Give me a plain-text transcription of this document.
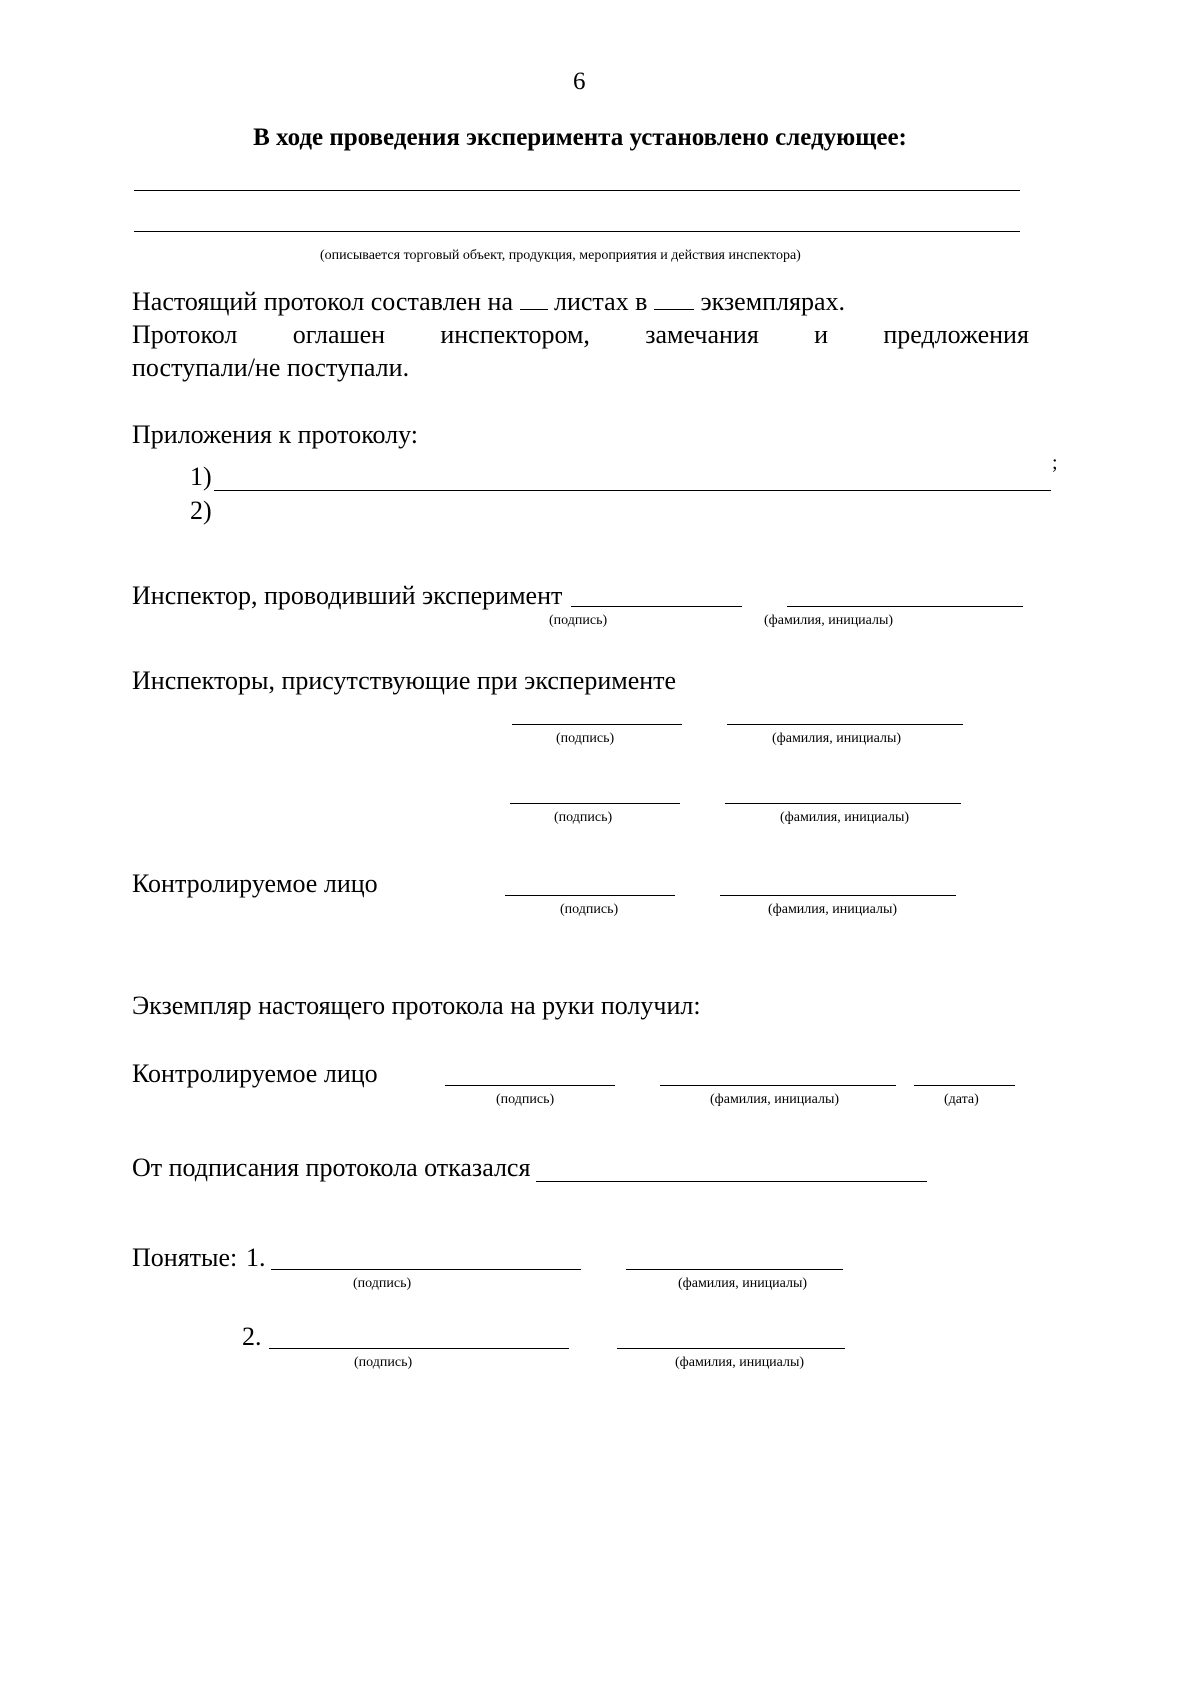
6
В ходе проведения эксперимента установлено следующее:
(описывается торговый объект, продукция, мероприятия и действия инспектора)
Настоящий протокол составлен на листах в экземплярах.
Протокол оглашен инспектором, замечания и предложения
поступали/не поступали.
Приложения к протоколу:
1)	;
2)
Инспектор, проводивший эксперимент
(подпись)	(фамилия, инициалы)
Инспекторы, присутствующие при эксперименте
(подпись)	(фамилия, инициалы)
(подпись)	(фамилия, инициалы)
Контролируемое лицо
(подпись)	(фамилия, инициалы)
Экземпляр настоящего протокола на руки получил:
Контролируемое лицо
(подпись)	(фамилия, инициалы)	(дата)
От подписания протокола отказался
Понятые: 1.
(подпись)	(фамилия, инициалы)
2.
(подпись)	(фамилия, инициалы)
